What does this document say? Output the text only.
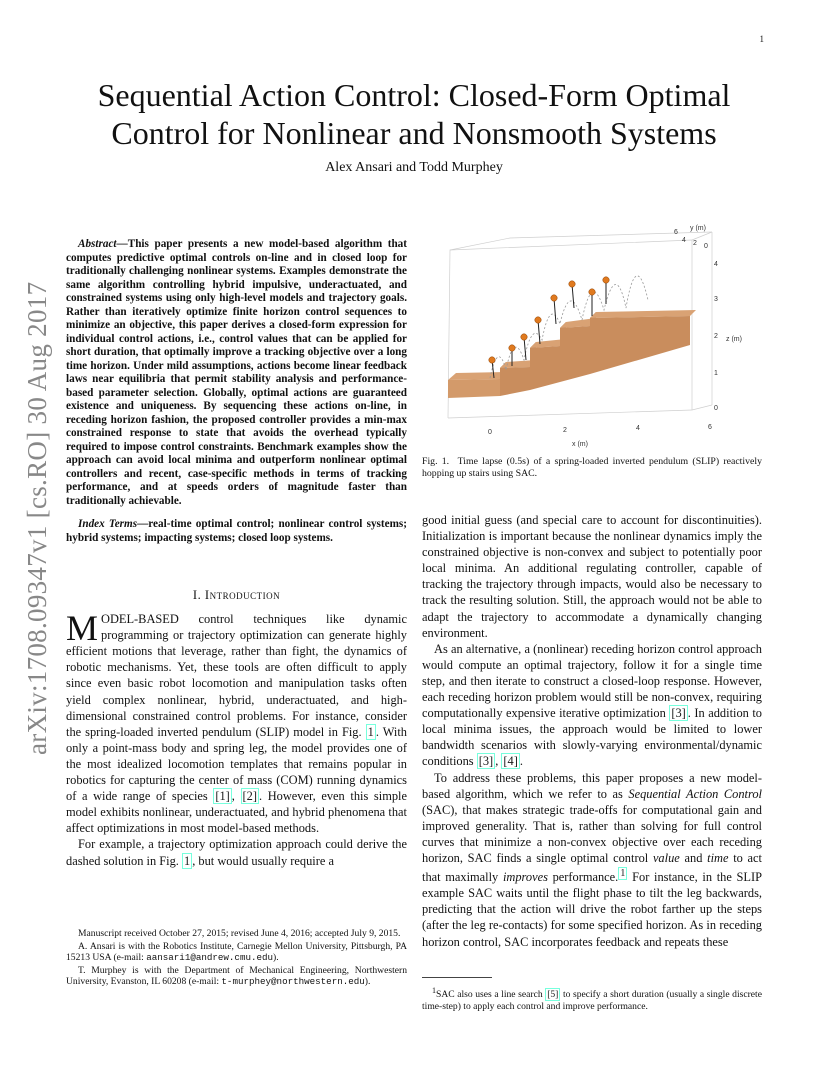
1
Sequential Action Control: Closed-Form Optimal
Control for Nonlinear and Nonsmooth Systems
Alex Ansari and Todd Murphey
arXiv:1708.09347v1 [cs.RO] 30 Aug 2017

Abstract—This paper presents a new model-based algorithm that computes predictive optimal controls on-line and in closed loop for traditionally challenging nonlinear systems. Examples demonstrate the same algorithm controlling hybrid impulsive, underactuated, and constrained systems using only high-level models and trajectory goals. Rather than iteratively optimize finite horizon control sequences to minimize an objective, this paper derives a closed-form expression for individual control actions, i.e., control values that can be applied for short duration, that optimally improve a tracking objective over a long time horizon. Under mild assumptions, actions become linear feedback laws near equilibria that permit stability analysis and performance-based parameter selection. Globally, optimal actions are guaranteed existence and uniqueness. By sequencing these actions on-line, in receding horizon fashion, the proposed controller provides a min-max constrained response to state that avoids the overhead typically required to impose control constraints. Benchmark examples show the approach can avoid local minima and outperform nonlinear optimal controllers and recent, case-specific methods in terms of tracking performance, and at speeds orders of magnitude faster than traditionally achievable.

Index Terms—real-time optimal control; nonlinear control systems; hybrid systems; impacting systems; closed loop systems.

I. Introduction

MODEL-BASED control techniques like dynamic programming or trajectory optimization can generate highly efficient motions that leverage, rather than fight, the dynamics of robotic mechanisms. Yet, these tools are often difficult to apply since even basic robot locomotion and manipulation tasks often yield complex nonlinear, hybrid, underactuated, and high-dimensional constrained control problems. For instance, consider the spring-loaded inverted pendulum (SLIP) model in Fig. 1 . With only a point-mass body and spring leg, the model provides one of the most idealized locomotion templates that remains popular in robotics for capturing the center of mass (COM) running dynamics of a wide range of species [1] , [2] . However, even this simple model exhibits nonlinear, underactuated, and hybrid phenomena that affect optimizations in most model-based methods.

For example, a trajectory optimization approach could derive the dashed solution in Fig. 1 , but would usually require a

Manuscript received October 27, 2015; revised June 4, 2016; accepted July 9, 2015.

A. Ansari is with the Robotics Institute, Carnegie Mellon University, Pittsburgh, PA 15213 USA (e-mail: aansari1@andrew.cmu.edu).

T. Murphey is with the Department of Mechanical Engineering, Northwestern University, Evanston, IL 60208 (e-mail: t-murphey@northwestern.edu).

0	2	4	6
6
4 2 0
0
1
2
3
4
x (m)
y (m)
z (m)
Fig. 1. Time lapse (0.5s) of a spring-loaded inverted pendulum (SLIP) reactively hopping up stairs using SAC.

good initial guess (and special care to account for discontinuities). Initialization is important because the nonlinear dynamics imply the constrained objective is non-convex and subject to potentially poor local minima. An additional regulating controller, capable of tracking the trajectory through impacts, would also be necessary to track the resulting solution. Still, the approach would not be able to adapt the trajectory to accommodate a dynamically changing environment.

As an alternative, a (nonlinear) receding horizon control approach would compute an optimal trajectory, follow it for a single time step, and then iterate to construct a closed-loop response. However, each receding horizon problem would still be non-convex, requiring computationally expensive iterative optimization [3] . In addition to local minima issues, the approach would be limited to lower bandwidth scenarios with slowly-varying environmental/dynamic conditions [3] , [4] .

To address these problems, this paper proposes a new model-based algorithm, which we refer to as Sequential Action Control (SAC), that makes strategic trade-offs for computational gain and improved generality. That is, rather than solving for full control curves that minimize a non-convex objective over each receding horizon, SAC finds a single optimal control value and time to act that maximally improves performance. $^1$ For instance, in the SLIP example SAC waits until the flight phase to tilt the leg backwards, predicting that the action will drive the robot farther up the steps (after the leg re-contacts) for some specified horizon. As in receding horizon control, SAC incorporates feedback and repeats these

$^1$SAC also uses a line search [5] to specify a short duration (usually a single discrete time-step) to apply each control and improve performance.
